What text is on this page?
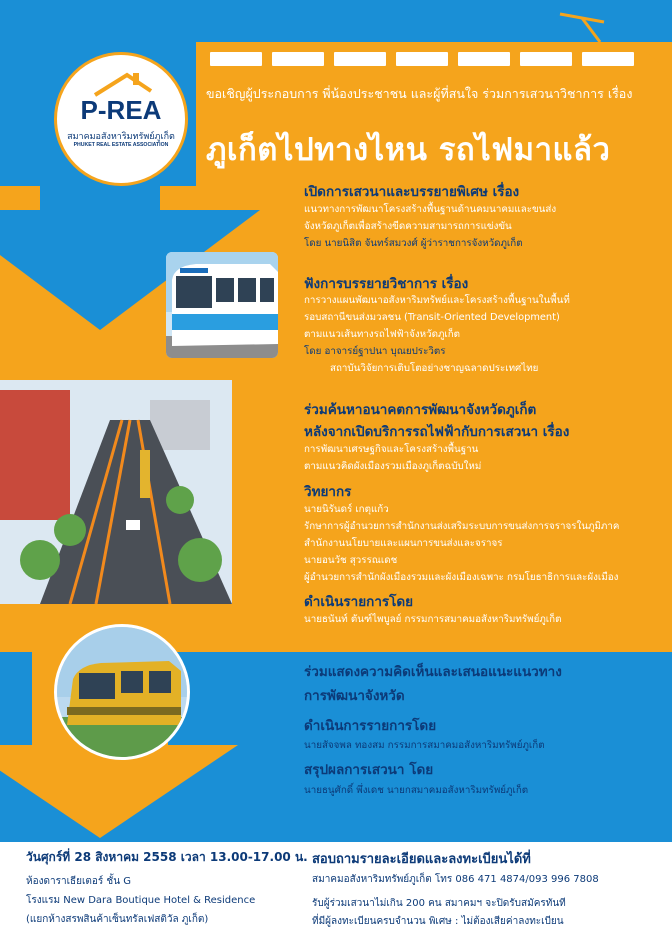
ขอเชิญผู้ประกอบการ พี่น้องประชาชน และผู้ที่สนใจ ร่วมการเสวนาวิชาการ เรื่อง
ภูเก็ตไปทางไหน รถไฟมาแล้ว
P-REA
สมาคมอสังหาริมทรัพย์ภูเก็ต
PHUKET REAL ESTATE ASSOCIATION
เปิดการเสวนาและบรรยายพิเศษ เรื่อง
แนวทางการพัฒนาโครงสร้างพื้นฐานด้านคมนาคมและขนส่ง
จังหวัดภูเก็ตเพื่อสร้างขีดความสามารถการแข่งขัน
โดย นายนิสิต จันทร์สมวงศ์ ผู้ว่าราชการจังหวัดภูเก็ต
ฟังการบรรยายวิชาการ เรื่อง
การวางแผนพัฒนาอสังหาริมทรัพย์และโครงสร้างพื้นฐานในพื้นที่
รอบสถานีขนส่งมวลชน (Transit-Oriented Development)
ตามแนวเส้นทางรถไฟฟ้าจังหวัดภูเก็ต
โดย อาจารย์ฐาปนา บุณยประวิตร
สถาบันวิจัยการเติบโตอย่างชาญฉลาดประเทศไทย
ร่วมค้นหาอนาคตการพัฒนาจังหวัดภูเก็ต
หลังจากเปิดบริการรถไฟฟ้ากับการเสวนา เรื่อง
การพัฒนาเศรษฐกิจและโครงสร้างพื้นฐาน
ตามแนวคิดผังเมืองรวมเมืองภูเก็ตฉบับใหม่
วิทยากร
นายนิรันดร์ เกตุแก้ว
รักษาการผู้อำนวยการสำนักงานส่งเสริมระบบการขนส่งการจราจรในภูมิภาค
สำนักงานนโยบายและแผนการขนส่งและจราจร
นายอนวัช สุวรรณเดช
ผู้อำนวยการสำนักผังเมืองรวมและผังเมืองเฉพาะ กรมโยธาธิการและผังเมือง
ดำเนินรายการโดย
นายธนันท์ ตันฑ์ไพบูลย์ กรรมการสมาคมอสังหาริมทรัพย์ภูเก็ต
ร่วมแสดงความคิดเห็นและเสนอแนะแนวทาง
การพัฒนาจังหวัด
ดำเนินการรายการโดย
นายสัจจพล ทองสม กรรมการสมาคมอสังหาริมทรัพย์ภูเก็ต
สรุปผลการเสวนา โดย
นายธนูศักดิ์ พึ่งเดช นายกสมาคมอสังหาริมทรัพย์ภูเก็ต
วันศุกร์ที่ 28 สิงหาคม 2558 เวลา 13.00-17.00 น.
ห้องดาราเธียเตอร์ ชั้น G
โรงแรม New Dara Boutique Hotel & Residence
(แยกห้างสรพสินค้าเซ็นทรัลเฟสติวัล ภูเก็ต)
สอบถามรายละเอียดและลงทะเบียนได้ที่
สมาคมอสังหาริมทรัพย์ภูเก็ต โทร 086 471 4874/093 996 7808
รับผู้ร่วมเสวนาไม่เกิน 200 คน สมาคมฯ จะปิดรับสมัครทันที
ที่มีผู้ลงทะเบียนครบจำนวน พิเศษ : ไม่ต้องเสียค่าลงทะเบียน
